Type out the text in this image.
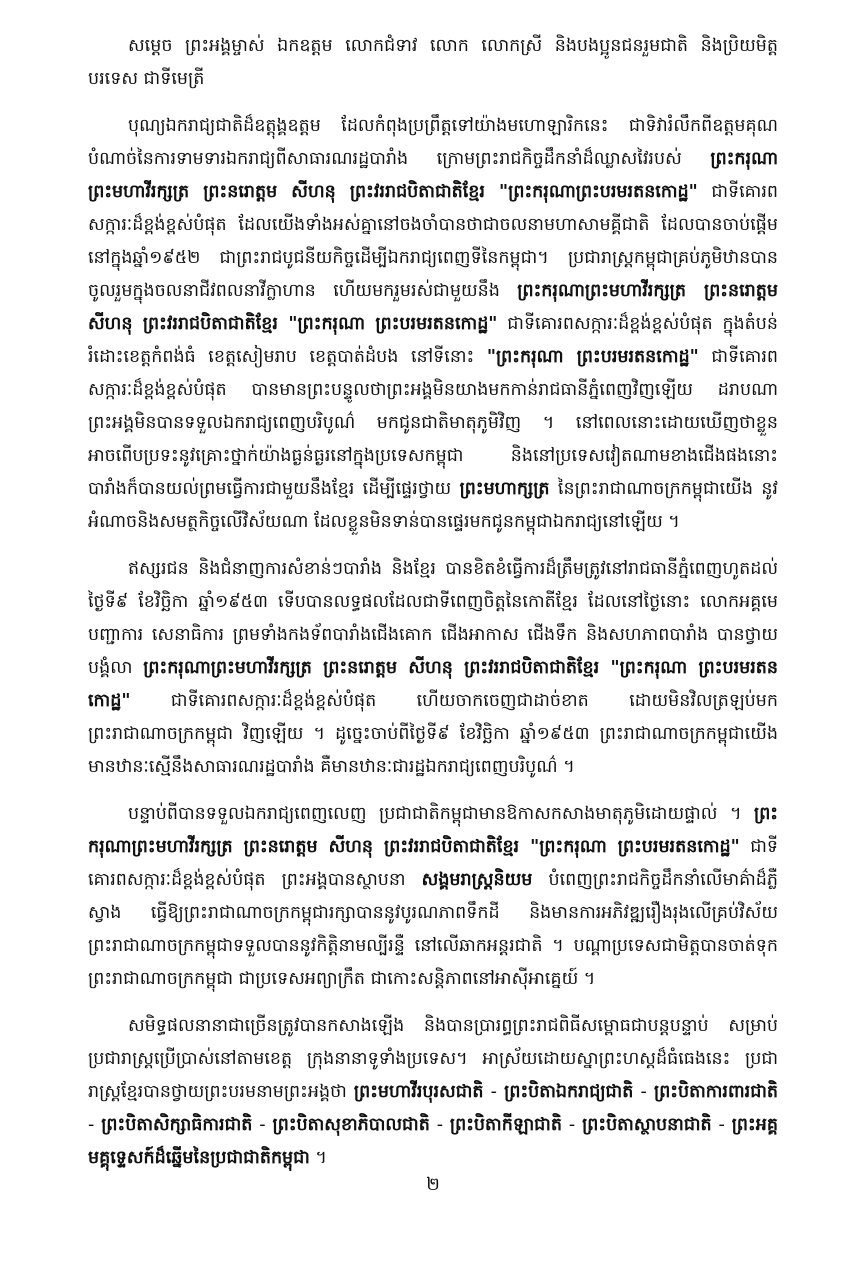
សម្តេច ព្រះអង្គម្ចាស់ ឯកឧត្តម លោកជំទាវ លោក លោកស្រី និងបងប្អូនជនរួមជាតិ និងប្រិយមិត្តបរទេស ជាទីមេត្រី

បុណ្យឯករាជ្យជាតិដ៏ឧត្តុង្គឧត្តម ដែលកំពុងប្រព្រឹត្តទៅយ៉ាងមហោឡារិកនេះ ជាទិវារំលឹកពីឧត្តមគុណបំណាច់នៃការទាមទារឯករាជ្យពីសាធារណរដ្ឋបារាំង ក្រោមព្រះរាជកិច្ចដឹកនាំដ៏ឈ្លាសវៃរបស់ ព្រះករុណាព្រះមហាវីរក្សត្រ ព្រះនរោត្តម សីហនុ ព្រះវររាជបិតាជាតិខ្មែរ "ព្រះករុណាព្រះបរមរតនកោដ្ឋ" ជាទីគោរពសក្ការៈដ៏ខ្ពង់ខ្ពស់បំផុត ដែលយើងទាំងអស់គ្នានៅចងចាំបានថាជាចលនាមហាសាមគ្គីជាតិ ដែលបានចាប់ផ្តើមនៅក្នុងឆ្នាំ១៩៥២ ជាព្រះរាជបូជនីយកិច្ចដើម្បីឯករាជ្យពេញទីនៃកម្ពុជា។ ប្រជារាស្ត្រកម្ពុជាគ្រប់ភូមិឋានបានចូលរួមក្នុងចលនាជីវពលនាវីក្លាហាន ហើយមករួមរស់ជាមួយនឹង ព្រះករុណាព្រះមហាវីរក្សត្រ ព្រះនរោត្តម សីហនុ ព្រះវររាជបិតាជាតិខ្មែរ "ព្រះករុណា ព្រះបរមរតនកោដ្ឋ" ជាទីគោរពសក្ការៈដ៏ខ្ពង់ខ្ពស់បំផុត ក្នុងតំបន់រំដោះខេត្តកំពង់ធំ ខេត្តសៀមរាប ខេត្តបាត់ដំបង នៅទីនោះ "ព្រះករុណា ព្រះបរមរតនកោដ្ឋ" ជាទីគោរពសក្ការៈដ៏ខ្ពង់ខ្ពស់បំផុត បានមានព្រះបន្ទូលថាព្រះអង្គមិនយាងមកកាន់រាជធានីភ្នំពេញវិញឡើយ ដរាបណាព្រះអង្គមិនបានទទួលឯករាជ្យពេញបរិបូណ៌ មកជូនជាតិមាតុភូមិវិញ ។ នៅពេលនោះដោយឃើញថាខ្លួនអាចពើបប្រទះនូវគ្រោះថ្នាក់យ៉ាងធ្ងន់ធ្ងរនៅក្នុងប្រទេសកម្ពុជា និងនៅប្រទេសវៀតណាមខាងជើងផងនោះ បារាំងក៏បានយល់ព្រមធ្វើការជាមួយនឹងខ្មែរ ដើម្បីផ្ទេរថ្វាយ ព្រះមហាក្សត្រ នៃព្រះរាជាណាចក្រកម្ពុជាយើង នូវអំណាចនិងសមត្ថកិច្ចលើវិស័យណា ដែលខ្លួនមិនទាន់បានផ្ទេរមកជូនកម្ពុជាឯករាជ្យនៅឡើយ ។

ឥស្សរជន និងជំនាញការសំខាន់ៗបារាំង និងខ្មែរ បានខិតខំធ្វើការដ៏ត្រឹមត្រូវនៅរាជធានីភ្នំពេញហូតដល់ថ្ងៃទី៩ ខែវិច្ឆិកា ឆ្នាំ១៩៥៣ ទើបបានលទ្ធផលដែលជាទីពេញចិត្តនៃកោតីខ្មែរ ដែលនៅថ្ងៃនោះ លោកអគ្គមេបញ្ជាការ សេនាធិការ ព្រមទាំងកងទ័ពបារាំងជើងគោក ជើងអាកាស ជើងទឹក និងសហភាពបារាំង បានថ្វាយបង្គំលា ព្រះករុណាព្រះមហាវីរក្សត្រ ព្រះនរោត្តម សីហនុ ព្រះវររាជបិតាជាតិខ្មែរ "ព្រះករុណា ព្រះបរមរតនកោដ្ឋ" ជាទីគោរពសក្ការៈដ៏ខ្ពង់ខ្ពស់បំផុត ហើយចាកចេញជាដាច់ខាត ដោយមិនវិលត្រឡប់មកព្រះរាជាណាចក្រកម្ពុជា វិញឡើយ ។ ដូច្នេះចាប់ពីថ្ងៃទី៩ ខែវិច្ឆិកា ឆ្នាំ១៩៥៣ ព្រះរាជាណាចក្រកម្ពុជាយើង មានឋានៈស្មើនឹងសាធារណរដ្ឋបារាំង គឺមានឋានៈជារដ្ឋឯករាជ្យពេញបរិបូណ៌ ។

បន្ទាប់ពីបានទទួលឯករាជ្យពេញលេញ ប្រជាជាតិកម្ពុជាមានឱកាសកសាងមាតុភូមិដោយផ្ទាល់ ។ ព្រះករុណាព្រះមហាវីរក្សត្រ ព្រះនរោត្តម សីហនុ ព្រះវររាជបិតាជាតិខ្មែរ "ព្រះករុណា ព្រះបរមរតនកោដ្ឋ" ជាទីគោរពសក្ការៈដ៏ខ្ពង់ខ្ពស់បំផុត ព្រះអង្គបានស្ថាបនា សង្គមរាស្ត្រនិយម បំពេញព្រះរាជកិច្ចដឹកនាំលើមាគ៌ាដ៏ភ្លឺស្វាង ធ្វើឱ្យព្រះរាជាណាចក្រកម្ពុជារក្សាបាននូវបូរណភាពទឹកដី និងមានការអភិវឌ្ឍរឿងរុងលើគ្រប់វិស័យ ព្រះរាជាណាចក្រកម្ពុជាទទួលបាននូវកិត្តិនាមល្បីរន្ទឺ នៅលើឆាកអន្តរជាតិ ។ បណ្តាប្រទេសជាមិត្តបានចាត់ទុកព្រះរាជាណាចក្រកម្ពុជា ជាប្រទេសអព្យាក្រឹត ជាកោះសន្តិភាពនៅអាស៊ីអាគ្នេយ៍ ។

សមិទ្ធផលនានាជាច្រើនត្រូវបានកសាងឡើង និងបានប្រារព្ធព្រះរាជពិធីសម្ពោធជាបន្តបន្ទាប់ សម្រាប់ប្រជារាស្ត្រប្រើប្រាស់នៅតាមខេត្ត ក្រុងនានាទូទាំងប្រទេស។ អាស្រ័យដោយស្នាព្រះហស្តដ៏ធំធេងនេះ ប្រជារាស្ត្រខ្មែរបានថ្វាយព្រះបរមនាមព្រះអង្គថា ព្រះមហាវីរបុរសជាតិ - ព្រះបិតាឯករាជ្យជាតិ - ព្រះបិតាការពារជាតិ - ព្រះបិតាសិក្សាធិការជាតិ - ព្រះបិតាសុខាភិបាលជាតិ - ព្រះបិតាកីឡាជាតិ - ព្រះបិតាស្ថាបនាជាតិ - ព្រះអគ្គមគ្គុទ្ទេសក៍ដ៏ឆ្នើមនៃប្រជាជាតិកម្ពុជា ។

២
